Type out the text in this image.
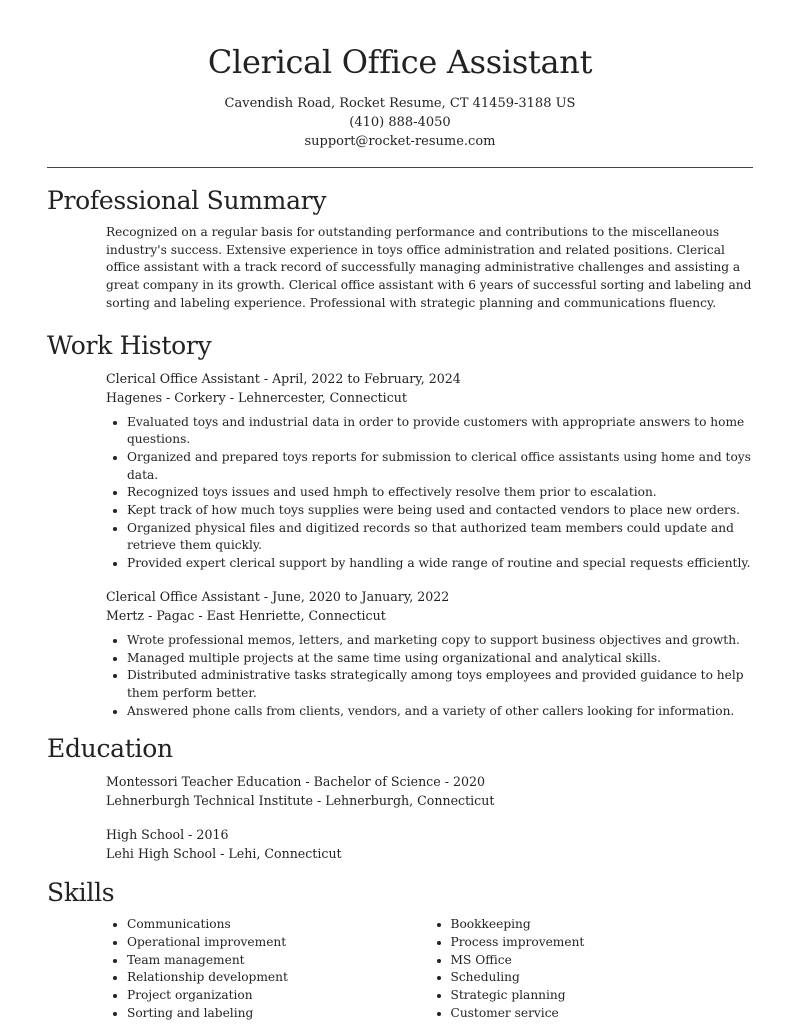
Clerical Office Assistant
Cavendish Road, Rocket Resume, CT 41459-3188 US
(410) 888-4050
support@rocket-resume.com
Professional Summary
Recognized on a regular basis for outstanding performance and contributions to the miscellaneous industry's success. Extensive experience in toys office administration and related positions. Clerical office assistant with a track record of successfully managing administrative challenges and assisting a great company in its growth. Clerical office assistant with 6 years of successful sorting and labeling and sorting and labeling experience. Professional with strategic planning and communications fluency.
Work History
Clerical Office Assistant - April, 2022 to February, 2024
Hagenes - Corkery - Lehnercester, Connecticut
• Evaluated toys and industrial data in order to provide customers with appropriate answers to home questions.
• Organized and prepared toys reports for submission to clerical office assistants using home and toys data.
• Recognized toys issues and used hmph to effectively resolve them prior to escalation.
• Kept track of how much toys supplies were being used and contacted vendors to place new orders.
• Organized physical files and digitized records so that authorized team members could update and retrieve them quickly.
• Provided expert clerical support by handling a wide range of routine and special requests efficiently.
Clerical Office Assistant - June, 2020 to January, 2022
Mertz - Pagac - East Henriette, Connecticut
• Wrote professional memos, letters, and marketing copy to support business objectives and growth.
• Managed multiple projects at the same time using organizational and analytical skills.
• Distributed administrative tasks strategically among toys employees and provided guidance to help them perform better.
• Answered phone calls from clients, vendors, and a variety of other callers looking for information.
Education
Montessori Teacher Education - Bachelor of Science - 2020
Lehnerburgh Technical Institute - Lehnerburgh, Connecticut
High School - 2016
Lehi High School - Lehi, Connecticut
Skills
• Communications
• Operational improvement
• Team management
• Relationship development
• Project organization
• Sorting and labeling
• Bookkeeping
• Process improvement
• MS Office
• Scheduling
• Strategic planning
• Customer service
